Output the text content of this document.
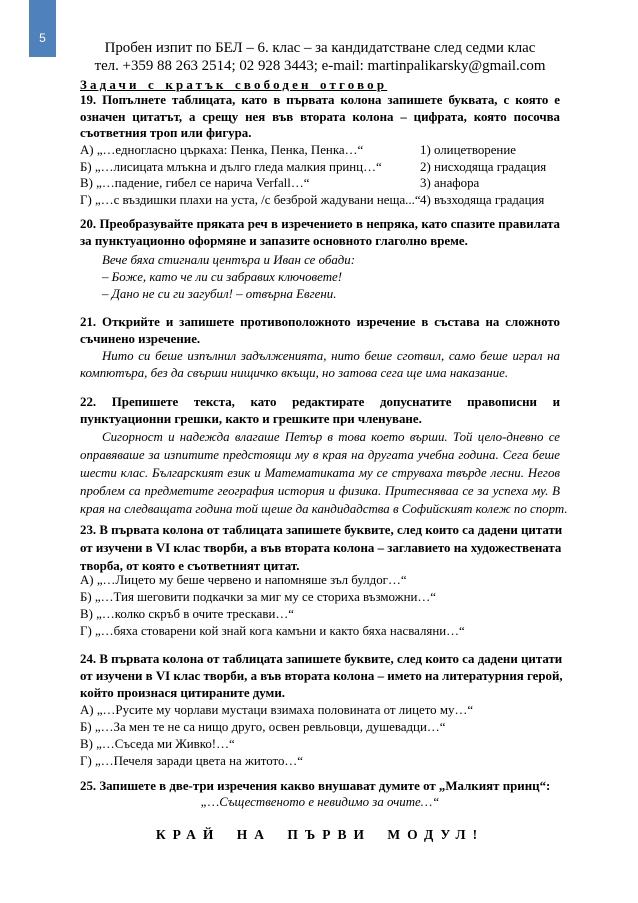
5
Пробен изпит по БЕЛ – 6. клас – за кандидатстване след седми клас
тел. +359 88 263 2514; 02 928 3443; e-mail: martinpalikarsky@gmail.com
Задачи с кратък свободен отговор
19. Попълнете таблицата, като в първата колона запишете буквата, с която е
означен цитатът, а срещу нея във втората колона – цифрата, която посочва
съответния троп или фигура.
А) „…едногласно църкаха: Пенка, Пенка, Пенка…“	1) олицетворение
Б) „…лисицата млъкна и дълго гледа малкия принц…“	2) нисходяща градация
В) „…падение, гибел се нарича Verfall…“	3) анафора
Г) „…с въздишки плахи на уста, /с безброй жадувани неща...“ 4) възходяща градация
20. Преобразувайте пряката реч в изречението в непряка, като спазите правилата
за пунктуационно оформяне и запазите основното глаголно време.
Вече бяха стигнали центъра и Иван се обади:
– Боже, като че ли си забравих ключовете!
– Дано не си ги загубил! – отвърна Евгени.
21. Открийте и запишете противоположното изречение в състава на сложното
съчинено изречение.
Нито си беше изпълнил задълженията, нито беше сготвил, само беше играл на
компютъра, без да свърши нищичко вкъщи, но затова сега ще има наказание.
22. Препишете текста, като редактирате допуснатите правописни и
пунктуационни грешки, както и грешките при членуване.
Сигорност и надежда влагаше Петър в това което върши. Той цело-дневно се
оправяваше за изпитите предстоящи му в края на другата учебна година. Сега беше
шести клас. Българският език и Математиката му се струваха твърде лесни. Негов
проблем са предметите география история и физика. Притесняваа се за успеха му. В
края на следващата година той щеше да кандидадства в Софийският колеж по спорт.
23. В първата колона от таблицата запишете буквите, след които са дадени цитати
от изучени в VI клас творби, а във втората колона – заглавието на художествената
творба, от която е съответният цитат.
А) „…Лицето му беше червено и напомняше зъл булдог…“
Б) „…Тия шеговити подкачки за миг му се сториха възможни…“
В) „…колко скръб в очите трескави…“
Г) „…бяха стоварени кой знай кога камъни и както бяха насваляни…“
24. В първата колона от таблицата запишете буквите, след които са дадени цитати
от изучени в VI клас творби, а във втората колона – името на литературния герой,
който произнася цитираните думи.
А) „…Русите му чорлави мустаци взимаха половината от лицето му…“
Б) „…За мен те не са нищо друго, освен ревльовци, душевадци…“
В) „…Съседа ми Живко!…“
Г) „…Печеля заради цвета на житото…“
25. Запишете в две-три изречения какво внушават думите от „Малкият принц“:
„…Същественото е невидимо за очите…“
КРАЙ НА ПЪРВИ МОДУЛ!
